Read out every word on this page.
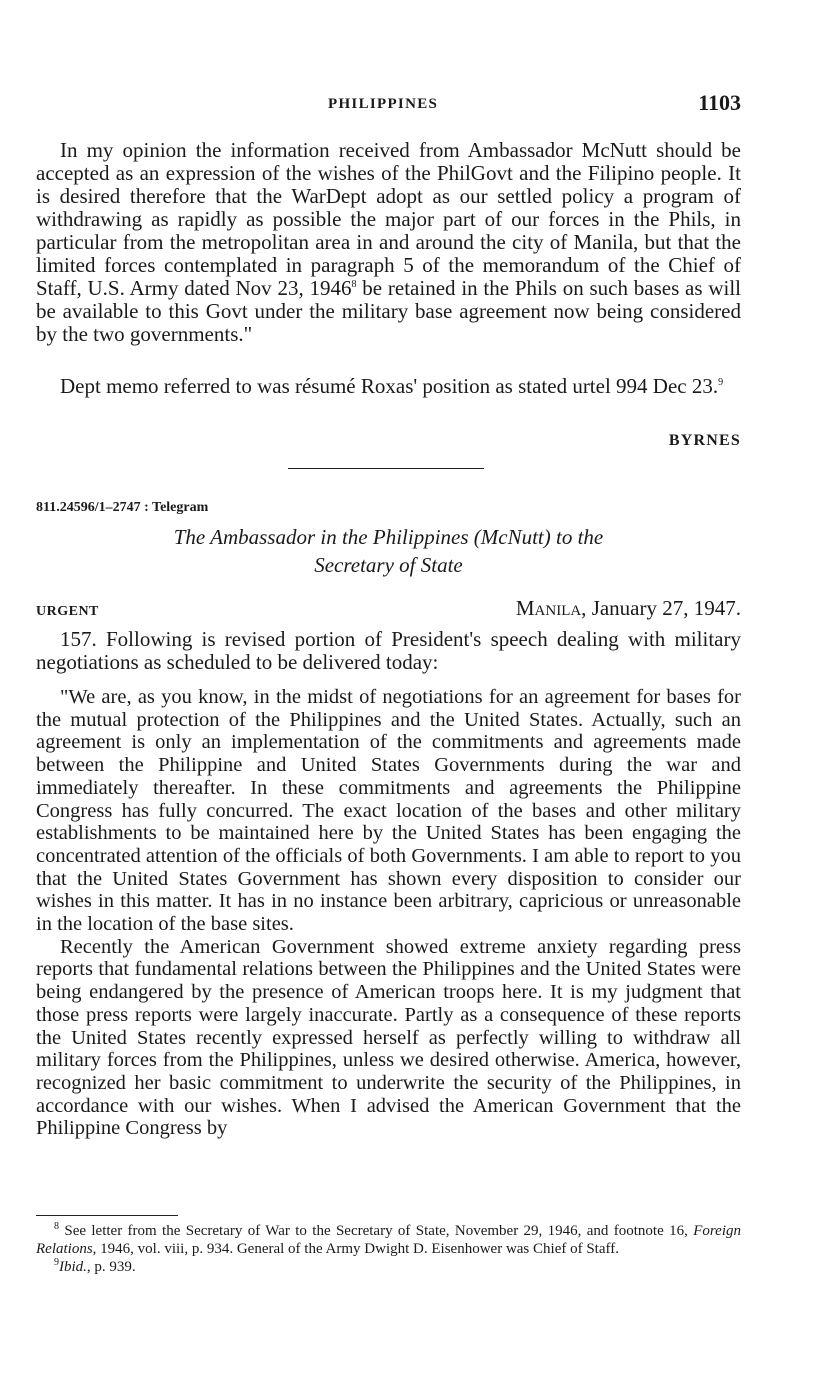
PHILIPPINES	1103

In my opinion the information received from Ambassador McNutt should be accepted as an expression of the wishes of the PhilGovt and the Filipino people. It is desired therefore that the WarDept adopt as our settled policy a program of withdrawing as rapidly as possible the major part of our forces in the Phils, in particular from the metropolitan area in and around the city of Manila, but that the limited forces contemplated in paragraph 5 of the memorandum of the Chief of Staff, U.S. Army dated Nov 23, 1946$^8$ be retained in the Phils on such bases as will be available to this Govt under the military base agreement now being considered by the two governments."

Dept memo referred to was résumé Roxas' position as stated urtel 994 Dec 23.$^9$

BYRNES
811.24596/1–2747 : Telegram
The Ambassador in the Philippines (McNutt) to the
Secretary of State
URGENT	Manila, January 27, 1947.

157. Following is revised portion of President's speech dealing with military negotiations as scheduled to be delivered today:

"We are, as you know, in the midst of negotiations for an agreement for bases for the mutual protection of the Philippines and the United States. Actually, such an agreement is only an implementation of the commitments and agreements made between the Philippine and United States Governments during the war and immediately thereafter. In these commitments and agreements the Philippine Congress has fully concurred. The exact location of the bases and other military establishments to be maintained here by the United States has been engaging the concentrated attention of the officials of both Governments. I am able to report to you that the United States Government has shown every disposition to consider our wishes in this matter. It has in no instance been arbitrary, capricious or unreasonable in the location of the base sites.

Recently the American Government showed extreme anxiety regarding press reports that fundamental relations between the Philippines and the United States were being endangered by the presence of American troops here. It is my judgment that those press reports were largely inaccurate. Partly as a consequence of these reports the United States recently expressed herself as perfectly willing to withdraw all military forces from the Philippines, unless we desired otherwise. America, however, recognized her basic commitment to underwrite the security of the Philippines, in accordance with our wishes. When I advised the American Government that the Philippine Congress by

$^8$ See letter from the Secretary of War to the Secretary of State, November 29, 1946, and footnote 16, Foreign Relations, 1946, vol. viii, p. 934. General of the Army Dwight D. Eisenhower was Chief of Staff.

$^9$Ibid., p. 939.
